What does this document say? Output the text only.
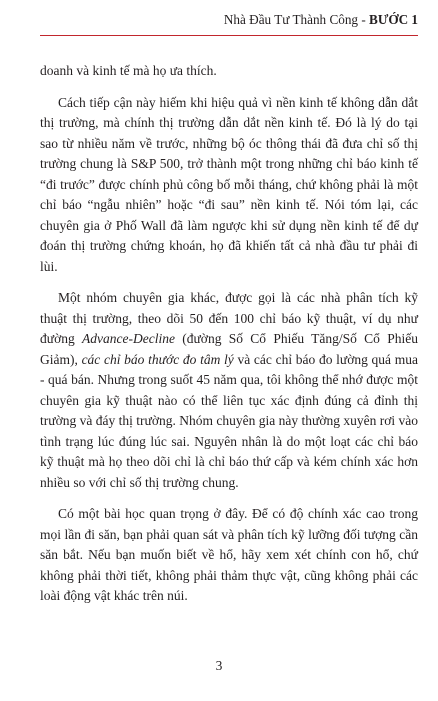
Nhà Đầu Tư Thành Công - BƯỚC 1

doanh và kinh tế mà họ ưa thích.

Cách tiếp cận này hiếm khi hiệu quả vì nền kinh tế không dẫn dắt thị trường, mà chính thị trường dẫn dắt nền kinh tế. Đó là lý do tại sao từ nhiều năm về trước, những bộ óc thông thái đã đưa chỉ số thị trường chung là S&P 500, trở thành một trong những chỉ báo kinh tế “đi trước” được chính phủ công bố mỗi tháng, chứ không phải là một chỉ báo “ngẫu nhiên” hoặc “đi sau” nền kinh tế. Nói tóm lại, các chuyên gia ở Phố Wall đã làm ngược khi sử dụng nền kinh tế để dự đoán thị trường chứng khoán, họ đã khiến tất cả nhà đầu tư phải đi lùi.

Một nhóm chuyên gia khác, được gọi là các nhà phân tích kỹ thuật thị trường, theo dõi 50 đến 100 chỉ báo kỹ thuật, ví dụ như đường Advance-Decline (đường Số Cổ Phiếu Tăng/Số Cổ Phiếu Giảm), các chỉ báo thước đo tâm lý và các chỉ báo đo lường quá mua - quá bán. Nhưng trong suốt 45 năm qua, tôi không thể nhớ được một chuyên gia kỹ thuật nào có thể liên tục xác định đúng cả đỉnh thị trường và đáy thị trường. Nhóm chuyên gia này thường xuyên rơi vào tình trạng lúc đúng lúc sai. Nguyên nhân là do một loạt các chỉ báo kỹ thuật mà họ theo dõi chỉ là chỉ báo thứ cấp và kém chính xác hơn nhiều so với chỉ số thị trường chung.

Có một bài học quan trọng ở đây. Để có độ chính xác cao trong mọi lần đi săn, bạn phải quan sát và phân tích kỹ lưỡng đối tượng cần săn bắt. Nếu bạn muốn biết về hổ, hãy xem xét chính con hổ, chứ không phải thời tiết, không phải thảm thực vật, cũng không phải các loài động vật khác trên núi.

3
